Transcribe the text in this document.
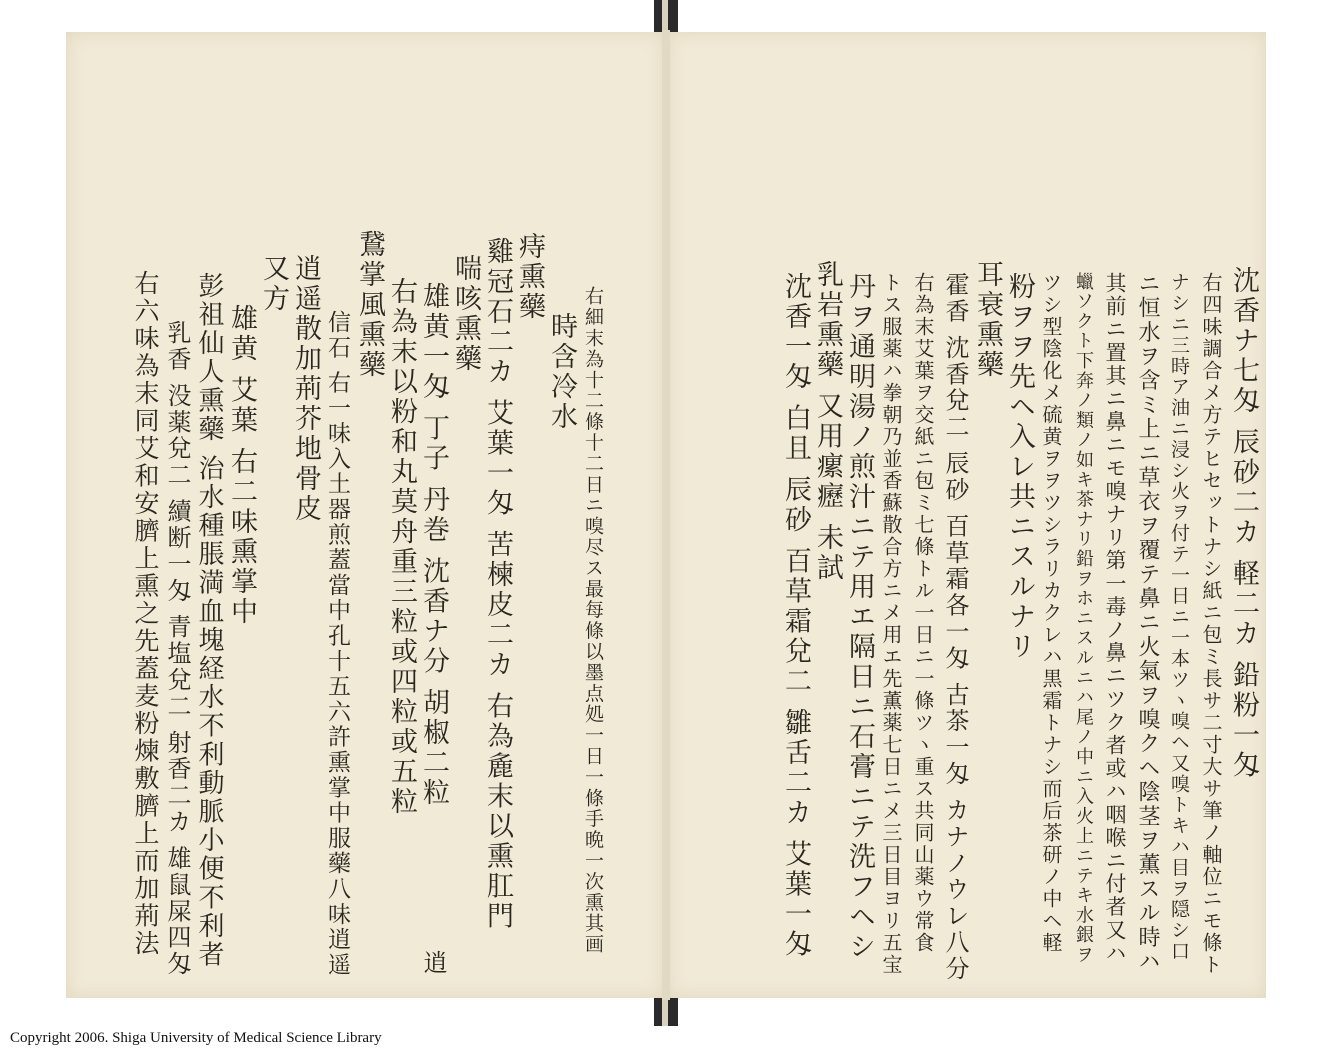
右細末為十二條十二日ニ嗅尽ス最每條以墨点処一日一條手晩一次熏其画
時含冷水
痔熏藥
雞冠石二カ 艾葉一匁 苦楝皮二カ 右為麁末以熏肛門
喘咳熏藥
雄黄一匁 丁子 丹巻 沈香ナ分 胡椒二粒
右為末以粉和丸莫舟重三粒或四粒或五粒
鵞掌風熏藥
信石 右一味入土器煎蓋當中孔十五六許熏掌中服藥八味逍遥
逍遥散加荊芥地骨皮
又方
雄黄 艾葉 右二味熏掌中
彭祖仙人熏藥 治水種脹満血塊経水不利動脈小便不利者
乳香 没薬兌二 續断一匁 青塩兌二 射香二カ 雄鼠屎四匁
右六味為末同艾和安臍上熏之先蓋麦粉煉敷臍上而加荊法
逍
沈香ナ七匁 辰砂二カ 軽二カ 鉛粉一匁
右四味調合メ方テヒセットナシ紙ニ包ミ長サ二寸大サ筆ノ軸位ニモ條ト
ナシニ三時ア油ニ浸シ火ヲ付テ一日ニ一本ツヽ嗅ヘ又嗅トキハ目ヲ隠シ口
ニ恒水ヲ含ミ上ニ草衣ヲ覆テ鼻ニ火氣ヲ嗅クヘ陰茎ヲ薫スル時ハ
其前ニ置其ニ鼻ニモ嗅ナリ第一毒ノ鼻ニツク者或ハ咽喉ニ付者又ハ
蠟ソクト下奔ノ類ノ如キ茶ナリ鉛ヲホニスルニハ尾ノ中ニ入火上ニテキ水銀ヲ
ツシ型陰化メ硫黄ヲヲツシラリカクレハ黒霜トナシ而后茶研ノ中ヘ軽
粉ヲヲ先ヘ入レ共ニスルナリ
耳衰熏藥
霍香 沈香兌二 辰砂 百草霜各一匁 古茶一匁 カナノウレ八分
右為末艾葉ヲ交紙ニ包ミ七條トル一日ニ一條ツヽ重ス共同山薬ウ常食
トス服薬ハ拳朝乃並香蘇散合方ニメ用エ先薫薬七日ニメ三日目ヨリ五宝
丹ヲ通明湯ノ煎汁ニテ用エ隔日ニ石膏ニテ洗フヘシ
乳岩熏藥 又用瘰癧 未試
沈香一匁 白且 辰砂 百草霜兌二 雛舌二カ 艾葉一匁
Copyright 2006. Shiga University of Medical Science Library
